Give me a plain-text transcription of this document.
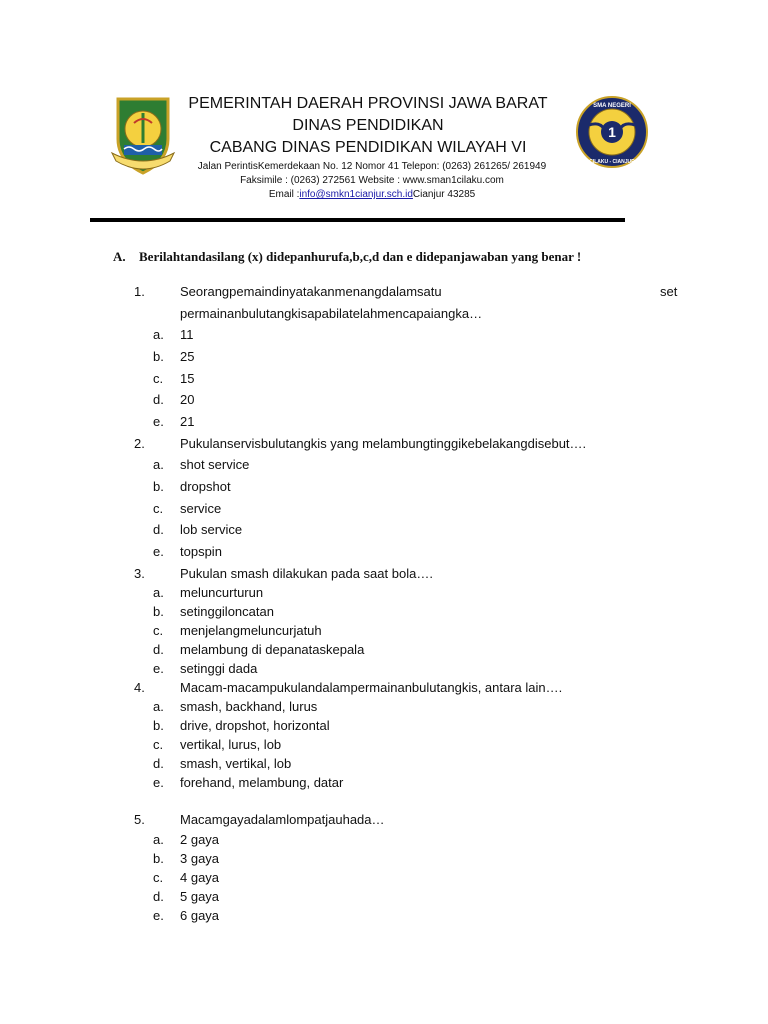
1
SMA NEGERI
CILAKU - CIANJUR
PEMERINTAH DAERAH PROVINSI JAWA BARAT
DINAS PENDIDIKAN
CABANG DINAS PENDIDIKAN WILAYAH VI
Jalan PerintisKemerdekaan No. 12 Nomor 41 Telepon: (0263) 261265/ 261949
Faksimile : (0263) 272561 Website : www.sman1cilaku.com
Email :info@smkn1cianjur.sch.idCianjur 43285
A. Berilahtandasilang (x) didepanhurufa,b,c,d dan e didepanjawaban yang benar !
1.	Seorangpemaindinyatakanmenangdalamsatu	set
permainanbulutangkisapabilatelahmencapaiangka…
a. 11
b. 25
c. 15
d. 20
e. 21
2.	Pukulanservisbulutangkis yang melambungtinggikebelakangdisebut….
a. shot service
b. dropshot
c. service
d. lob service
e. topspin
3.	Pukulan smash dilakukan pada saat bola….
a. meluncurturun
b. setinggiloncatan
c. menjelangmeluncurjatuh
d. melambung di depanataskepala
e. setinggi dada
4.	Macam-macampukulandalampermainanbulutangkis, antara lain….
a. smash, backhand, lurus
b. drive, dropshot, horizontal
c. vertikal, lurus, lob
d. smash, vertikal, lob
e. forehand, melambung, datar
5.	Macamgayadalamlompatjauhada…
a. 2 gaya
b. 3 gaya
c. 4 gaya
d. 5 gaya
e. 6 gaya
